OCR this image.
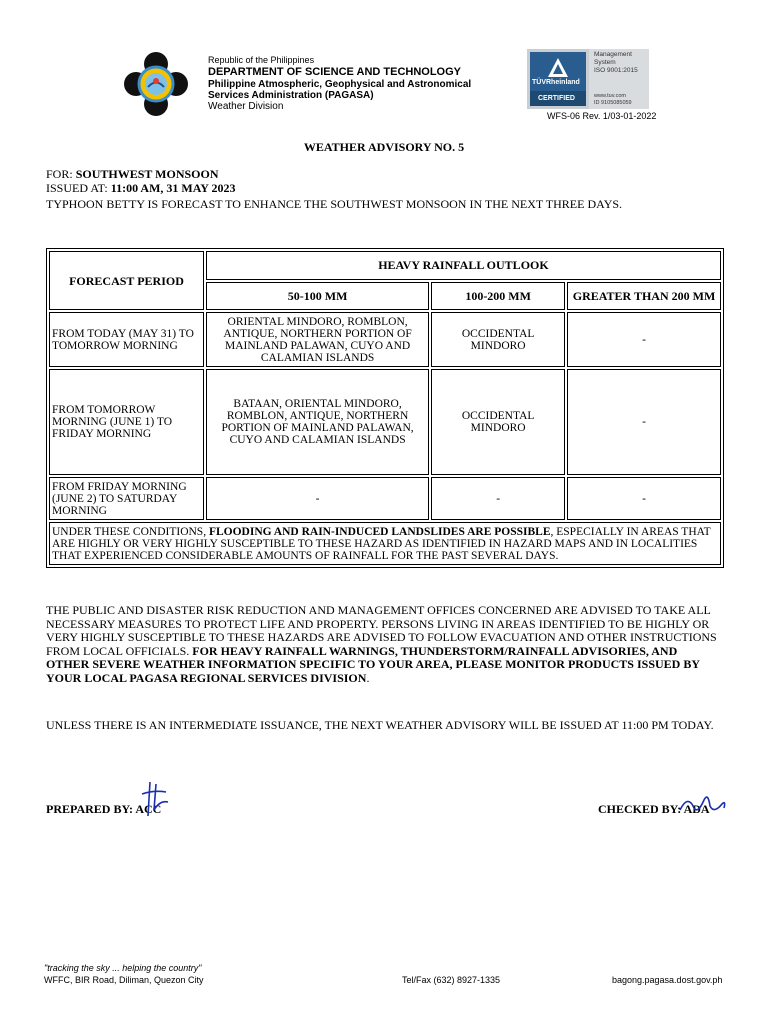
Republic of the Philippines
DEPARTMENT OF SCIENCE AND TECHNOLOGY
Philippine Atmospheric, Geophysical and Astronomical
Services Administration (PAGASA)
Weather Division
TÜVRheinland
CERTIFIED
Management
System
ISO 9001:2015
www.tuv.com
ID 9105085059
WFS-06 Rev. 1/03-01-2022
WEATHER ADVISORY NO. 5
FOR: SOUTHWEST MONSOON
ISSUED AT: 11:00 AM, 31 MAY 2023
TYPHOON BETTY IS FORECAST TO ENHANCE THE SOUTHWEST MONSOON IN THE NEXT THREE DAYS.
FORECAST PERIOD	HEAVY RAINFALL OUTLOOK		
	50-100 MM	100-200 MM	GREATER THAN 200 MM
FROM TODAY (MAY 31) TO TOMORROW MORNING	ORIENTAL MINDORO, ROMBLON, ANTIQUE, NORTHERN PORTION OF MAINLAND PALAWAN, CUYO AND CALAMIAN ISLANDS	OCCIDENTAL MINDORO	-
FROM TOMORROW MORNING (JUNE 1) TO FRIDAY MORNING	BATAAN, ORIENTAL MINDORO, ROMBLON, ANTIQUE, NORTHERN PORTION OF MAINLAND PALAWAN, CUYO AND CALAMIAN ISLANDS	OCCIDENTAL MINDORO	-
FROM FRIDAY MORNING (JUNE 2) TO SATURDAY MORNING	-	-	-
UNDER THESE CONDITIONS, FLOODING AND RAIN-INDUCED LANDSLIDES ARE POSSIBLE, ESPECIALLY IN AREAS THAT ARE HIGHLY OR VERY HIGHLY SUSCEPTIBLE TO THESE HAZARD AS IDENTIFIED IN HAZARD MAPS AND IN LOCALITIES THAT EXPERIENCED CONSIDERABLE AMOUNTS OF RAINFALL FOR THE PAST SEVERAL DAYS.			
THE PUBLIC AND DISASTER RISK REDUCTION AND MANAGEMENT OFFICES CONCERNED ARE ADVISED TO TAKE ALL NECESSARY MEASURES TO PROTECT LIFE AND PROPERTY. PERSONS LIVING IN AREAS IDENTIFIED TO BE HIGHLY OR VERY HIGHLY SUSCEPTIBLE TO THESE HAZARDS ARE ADVISED TO FOLLOW EVACUATION AND OTHER INSTRUCTIONS FROM LOCAL OFFICIALS. FOR HEAVY RAINFALL WARNINGS, THUNDERSTORM/RAINFALL ADVISORIES, AND OTHER SEVERE WEATHER INFORMATION SPECIFIC TO YOUR AREA, PLEASE MONITOR PRODUCTS ISSUED BY YOUR LOCAL PAGASA REGIONAL SERVICES DIVISION.
UNLESS THERE IS AN INTERMEDIATE ISSUANCE, THE NEXT WEATHER ADVISORY WILL BE ISSUED AT 11:00 PM TODAY.
PREPARED BY: ACC	CHECKED BY: ADA
"tracking the sky ... helping the country"
WFFC, BIR Road, Diliman, Quezon City	Tel/Fax (632) 8927-1335	bagong.pagasa.dost.gov.ph
